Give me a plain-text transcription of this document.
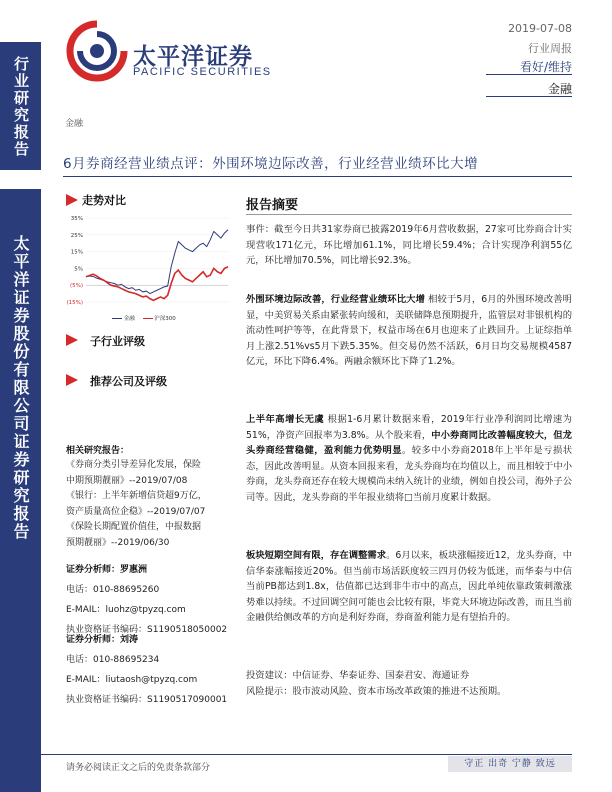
行业研究报告
太平洋证券股份有限公司证券研究报告
太平洋证券
PACIFIC SECURITIES
2019-07-08
行业周报
看好/维持
金融
金融
6月券商经营业绩点评：外围环境边际改善，行业经营业绩环比大增
走势对比
35%
25%
15%
5%
(5%)
(15%)
金融	沪深300
子行业评级
推荐公司及评级
相关研究报告：
《券商分类引导差异化发展，保险
中期预期靓丽》--2019/07/08
《银行：上半年新增信贷超9万亿，
资产质量高位企稳》--2019/07/07
《保险长期配置价值佳，中报数据
预期靓丽》--2019/06/30
证券分析师：罗惠洲
电话：010-88695260
E-MAIL：luohz@tpyzq.com
执业资格证书编码：S1190518050002
证券分析师：刘涛
电话：010-88695234
E-MAIL：liutaosh@tpyzq.com
执业资格证书编码：S1190517090001
报告摘要
事件：截至今日共31家券商已披露2019年6月营收数据，27家可比券商合计实现营收171亿元，环比增加61.1%，同比增长59.4%；合计实现净利润55亿元，环比增加70.5%，同比增长92.3%。
外围环境边际改善，行业经营业绩环比大增 相较于5月，6月的外围环境改善明显，中美贸易关系由紧张转向缓和，美联储降息预期提升，监管层对非银机构的流动性呵护等等，在此背景下，权益市场在6月也迎来了止跌回升。上证综指单月上涨2.51%vs5月下跌5.35%。但交易仍然不活跃，6月日均交易规模4587亿元，环比下降6.4%。两融余额环比下降了1.2%。
上半年高增长无虞 根据1-6月累计数据来看，2019年行业净利润同比增速为51%，净资产回报率为3.8%。从个股来看，中小券商同比改善幅度较大，但龙头券商经营稳健，盈利能力优势明显。较多中小券商2018年上半年是亏损状态，因此改善明显。从资本回报来看，龙头券商均在均值以上，而且相较于中小券商，龙头券商还存在较大规模尚未纳入统计的业绩，例如自投公司，海外子公司等。因此，龙头券商的半年报业绩将□当前月度累计数据。
板块短期空间有限，存在调整需求。6月以来，板块涨幅接近12，龙头券商，中信华泰涨幅接近20%。但当前市场活跃度较三四月仍较为低迷，而华泰与中信当前PB都达到1.8x，估值都已达到非牛市中的高点，因此单纯依靠政策刺激涨势难以持续。不过回调空间可能也会比较有限，毕竟大环境边际改善，而且当前金融供给侧改革的方向是利好券商，券商盈利能力是有望抬升的。
投资建议：中信证券、华泰证券、国泰君安、海通证券
风险提示：股市波动风险、资本市场改革政策的推进不达预期。
请务必阅读正文之后的免责条款部分	守正 出奇 宁静 致远
